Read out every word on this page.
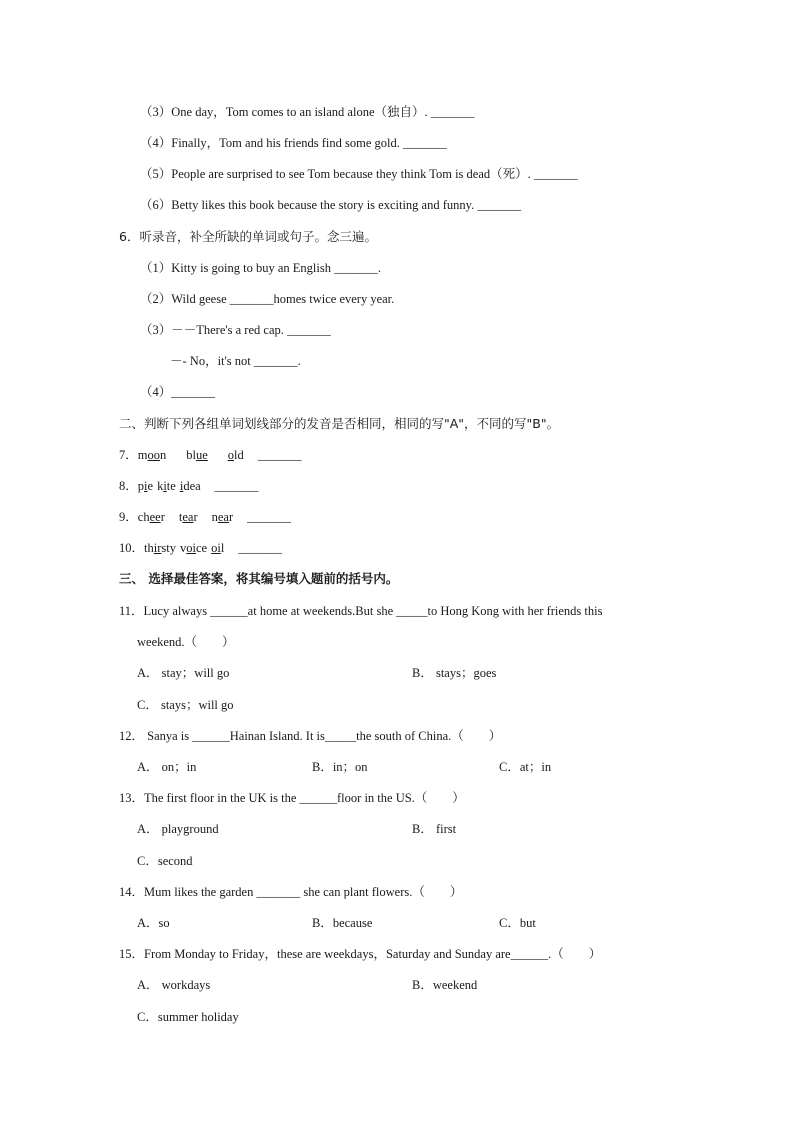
（3）One day，Tom comes to an island alone（独自）. _______
（4）Finally，Tom and his friends find some gold. _______
（5）People are surprised to see Tom because they think Tom is dead（死）. _______
（6）Betty likes this book because the story is exciting and funny. _______
6．听录音，补全所缺的单词或句子。念三遍。
（1）Kitty is going to buy an English _______.
（2）Wild geese _______homes twice every year.
（3）－－There's a red cap. _______
－- No，it's not _______.
（4）_______
二、判断下列各组单词划线部分的发音是否相同，相同的写"A"，不同的写"B"。
7．moon blue old _______
8．pie kite idea _______
9．cheer tear near _______
10．thirsty voice oil _______
三、 选择最佳答案，将其编号填入题前的括号内。
11．Lucy always ______at home at weekends.But she _____to Hong Kong with her friends this
weekend.（　　）
A． stay；will go	B． stays；goes
C． stays；will go
12． Sanya is ______Hainan Island. It is_____the south of China.（　　）
A． on；in	B．in；on	C．at；in
13．The first floor in the UK is the ______floor in the US.（　　）
A． playground	B． first
C．second
14．Mum likes the garden _______ she can plant flowers.（　　）
A．so	B．because	C．but
15．From Monday to Friday，these are weekdays，Saturday and Sunday are______.（　　）
A． workdays	B．weekend
C．summer holiday
